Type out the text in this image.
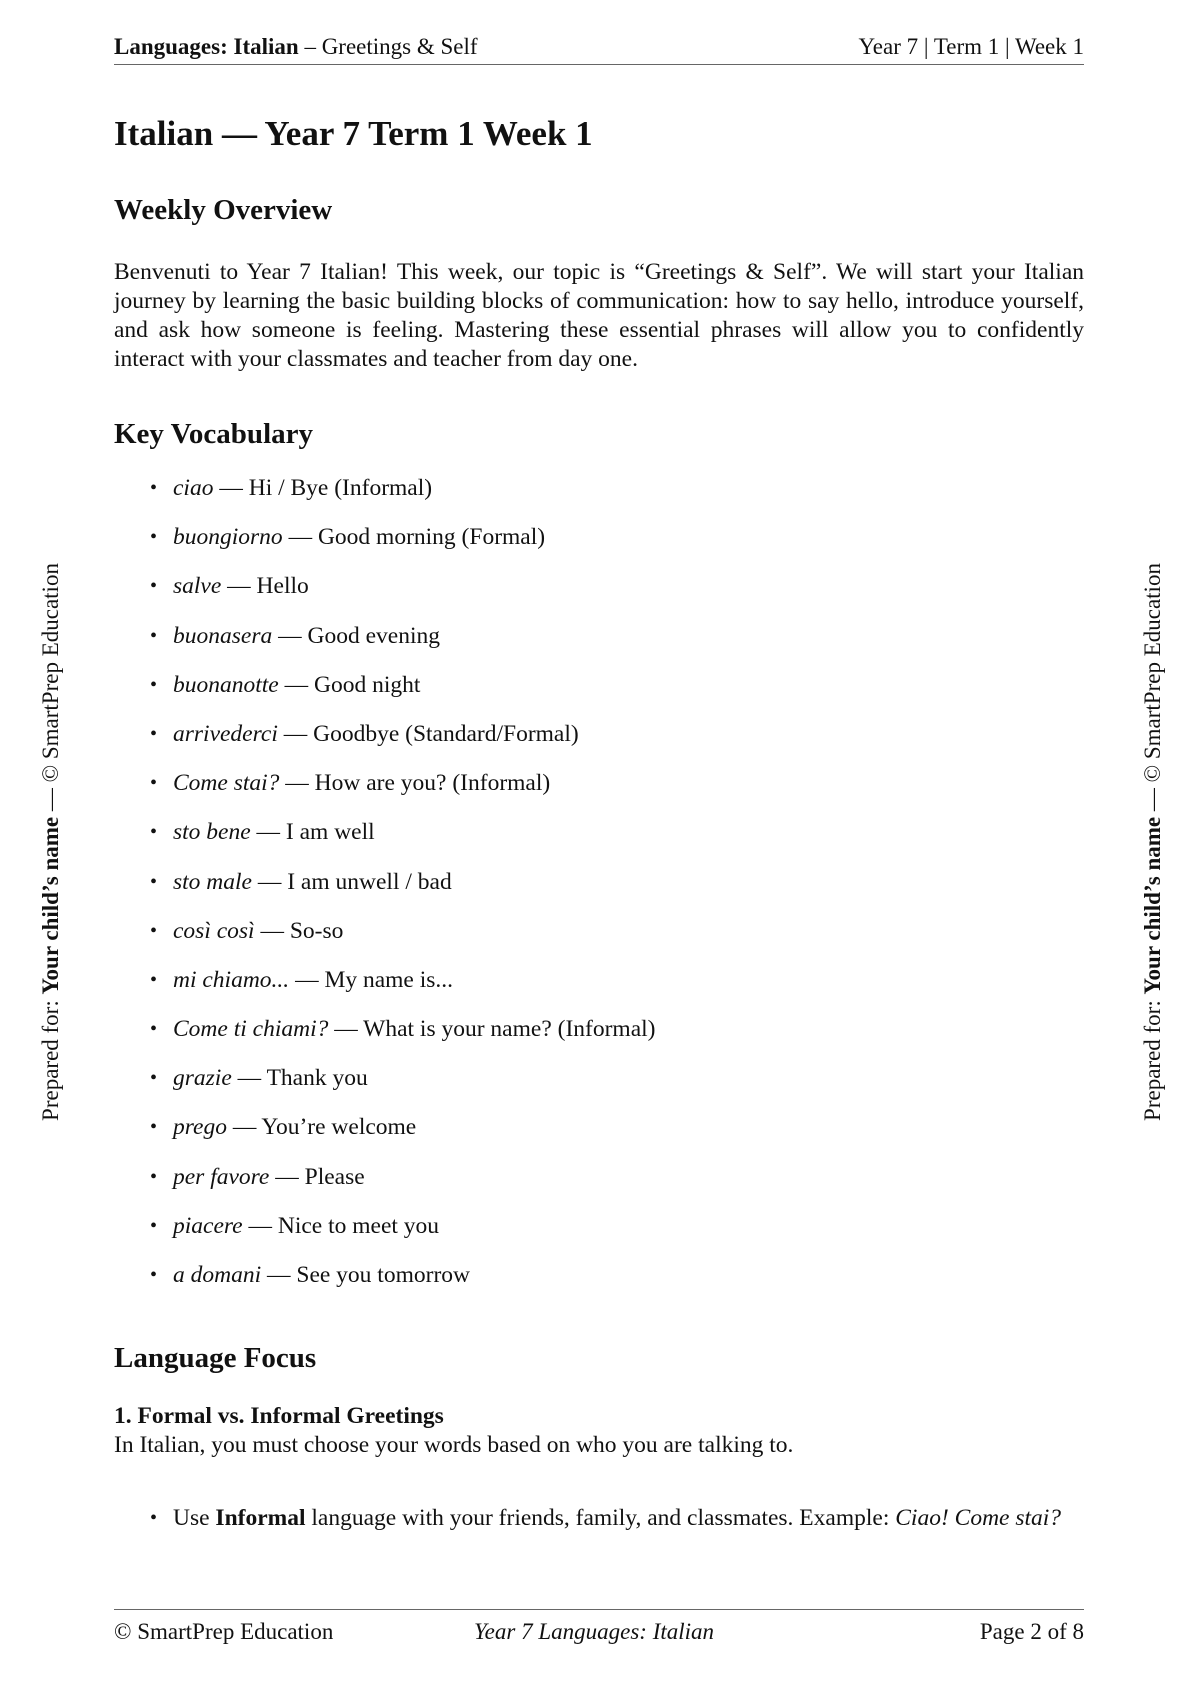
Languages: Italian – Greetings & Self	Year 7 | Term 1 | Week 1
Prepared for: Your child’s name — © SmartPrep Education
Prepared for: Your child’s name — © SmartPrep Education
Italian — Year 7 Term 1 Week 1
Weekly Overview

Benvenuti to Year 7 Italian! This week, our topic is “Greetings & Self”. We will start your Italian journey by learning the basic building blocks of communication: how to say hello, introduce yourself, and ask how someone is feeling. Mastering these essential phrases will allow you to confidently interact with your classmates and teacher from day one.

Key Vocabulary
• ciao — Hi / Bye (Informal)
• buongiorno — Good morning (Formal)
• salve — Hello
• buonasera — Good evening
• buonanotte — Good night
• arrivederci — Goodbye (Standard/Formal)
• Come stai? — How are you? (Informal)
• sto bene — I am well
• sto male — I am unwell / bad
• così così — So-so
• mi chiamo... — My name is...
• Come ti chiami? — What is your name? (Informal)
• grazie — Thank you
• prego — You’re welcome
• per favore — Please
• piacere — Nice to meet you
• a domani — See you tomorrow
Language Focus
1. Formal vs. Informal Greetings

In Italian, you must choose your words based on who you are talking to.

• Use Informal language with your friends, family, and classmates. Example: Ciao! Come stai?
© SmartPrep Education	Year 7 Languages: Italian	Page 2 of 8
